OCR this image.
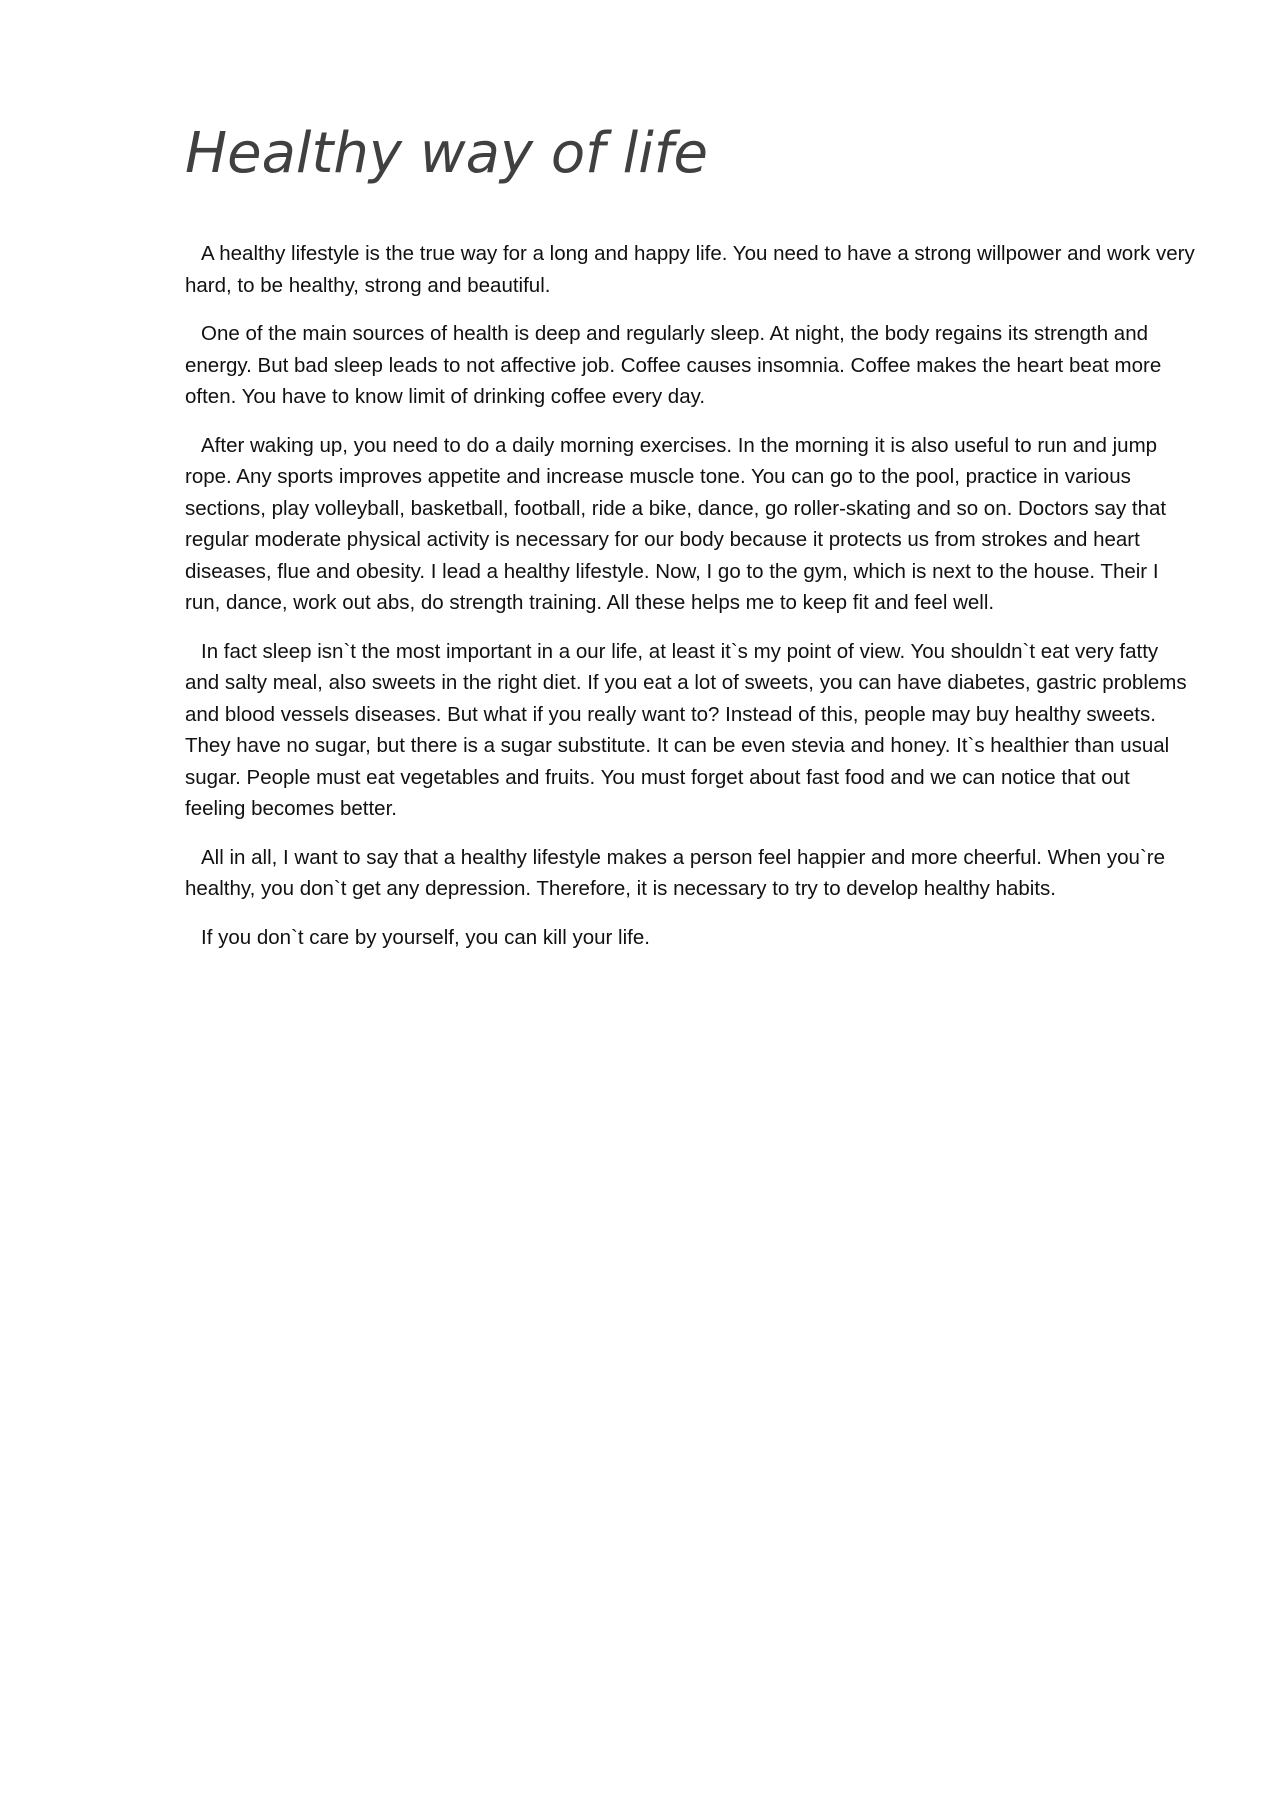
Healthy way of life

A healthy lifestyle is the true way for a long and happy life. You need to have a strong willpower and work very hard, to be healthy, strong and beautiful.

One of the main sources of health is deep and regularly sleep. At night, the body regains its strength and energy. But bad sleep leads to not affective job. Coffee causes insomnia. Coffee makes the heart beat more often. You have to know limit of drinking coffee every day.

After waking up, you need to do a daily morning exercises. In the morning it is also useful to run and jump rope. Any sports improves appetite and increase muscle tone. You can go to the pool, practice in various sections, play volleyball, basketball, football, ride a bike, dance, go roller-skating and so on. Doctors say that regular moderate physical activity is necessary for our body because it protects us from strokes and heart diseases, flue and obesity. I lead a healthy lifestyle. Now, I go to the gym, which is next to the house. Their I run, dance, work out abs, do strength training. All these helps me to keep fit and feel well.

In fact sleep isn`t the most important in a our life, at least it`s my point of view. You shouldn`t eat very fatty and salty meal, also sweets in the right diet. If you eat a lot of sweets, you can have diabetes, gastric problems and blood vessels diseases. But what if you really want to? Instead of this, people may buy healthy sweets. They have no sugar, but there is a sugar substitute. It can be even stevia and honey. It`s healthier than usual sugar. People must eat vegetables and fruits. You must forget about fast food and we can notice that out feeling becomes better.

All in all, I want to say that a healthy lifestyle makes a person feel happier and more cheerful. When you`re healthy, you don`t get any depression. Therefore, it is necessary to try to develop healthy habits.

If you don`t care by yourself, you can kill your life.
